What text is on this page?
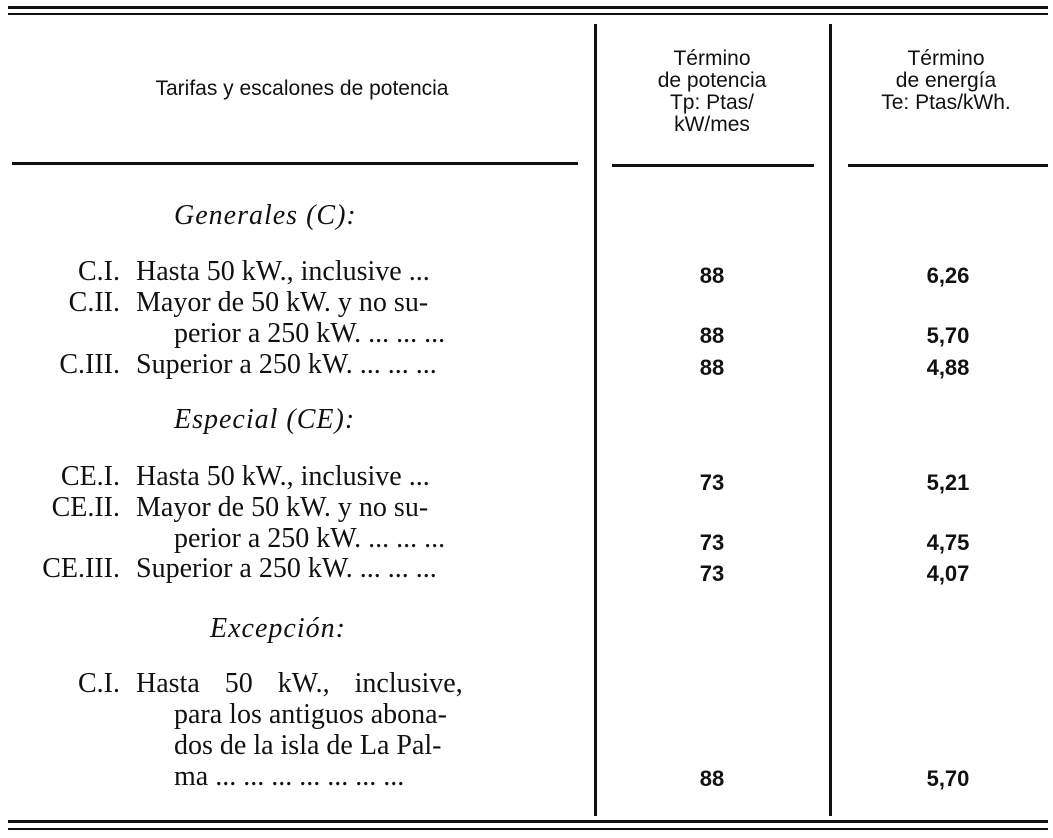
Tarifas y escalones de potencia
Término
de potencia
Tp: Ptas/
kW/mes
Término
de energía
Te: Ptas/kWh.
Generales (C):
C.I. Hasta 50 kW., inclusive ...	88	6,26
C.II. Mayor de 50 kW. y no su-
perior a 250 kW. ... ... ...	88	5,70
C.III. Superior a 250 kW. ... ... ...	88	4,88
Especial (CE):
CE.I. Hasta 50 kW., inclusive ...	73	5,21
CE.II. Mayor de 50 kW. y no su-
perior a 250 kW. ... ... ...	73	4,75
CE.III. Superior a 250 kW. ... ... ...	73	4,07
Excepción:
C.I. Hasta 50 kW., inclusive,
para los antiguos abona-
dos de la isla de La Pal-
ma ... ... ... ... ... ... ...	88	5,70
